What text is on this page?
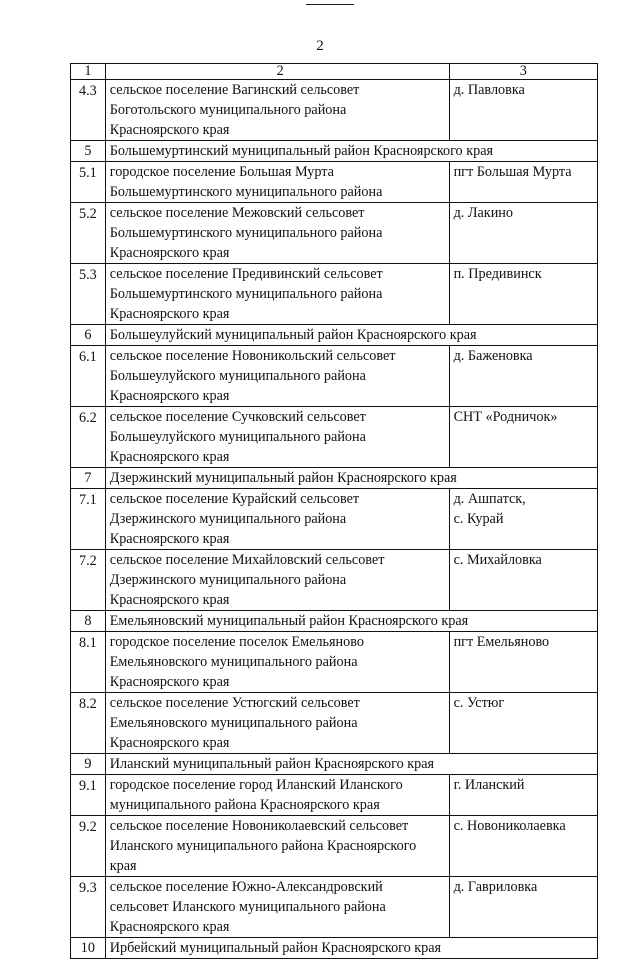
2
1	2	3
4.3	сельское поселение Вагинский сельсовет
Боготольского муниципального района
Красноярского края	д. Павловка
5	Большемуртинский муниципальный район Красноярского края	
5.1	городское поселение Большая Мурта
Большемуртинского муниципального района	пгт Большая Мурта
5.2	сельское поселение Межовский сельсовет
Большемуртинского муниципального района
Красноярского края	д. Лакино
5.3	сельское поселение Предивинский сельсовет
Большемуртинского муниципального района
Красноярского края	п. Предивинск
6	Большеулуйский муниципальный район Красноярского края	
6.1	сельское поселение Новоникольский сельсовет
Большеулуйского муниципального района
Красноярского края	д. Баженовка
6.2	сельское поселение Сучковский сельсовет
Большеулуйского муниципального района
Красноярского края	СНТ «Родничок»
7	Дзержинский муниципальный район Красноярского края	
7.1	сельское поселение Курайский сельсовет
Дзержинского муниципального района
Красноярского края	д. Ашпатск,
с. Курай
7.2	сельское поселение Михайловский сельсовет
Дзержинского муниципального района
Красноярского края	с. Михайловка
8	Емельяновский муниципальный район Красноярского края	
8.1	городское поселение поселок Емельяново
Емельяновского муниципального района
Красноярского края	пгт Емельяново
8.2	сельское поселение Устюгский сельсовет
Емельяновского муниципального района
Красноярского края	с. Устюг
9	Иланский муниципальный район Красноярского края	
9.1	городское поселение город Иланский Иланского
муниципального района Красноярского края	г. Иланский
9.2	сельское поселение Новониколаевский сельсовет
Иланского муниципального района Красноярского
края	с. Новониколаевка
9.3	сельское поселение Южно-Александровский
сельсовет Иланского муниципального района
Красноярского края	д. Гавриловка
10	Ирбейский муниципальный район Красноярского края	
